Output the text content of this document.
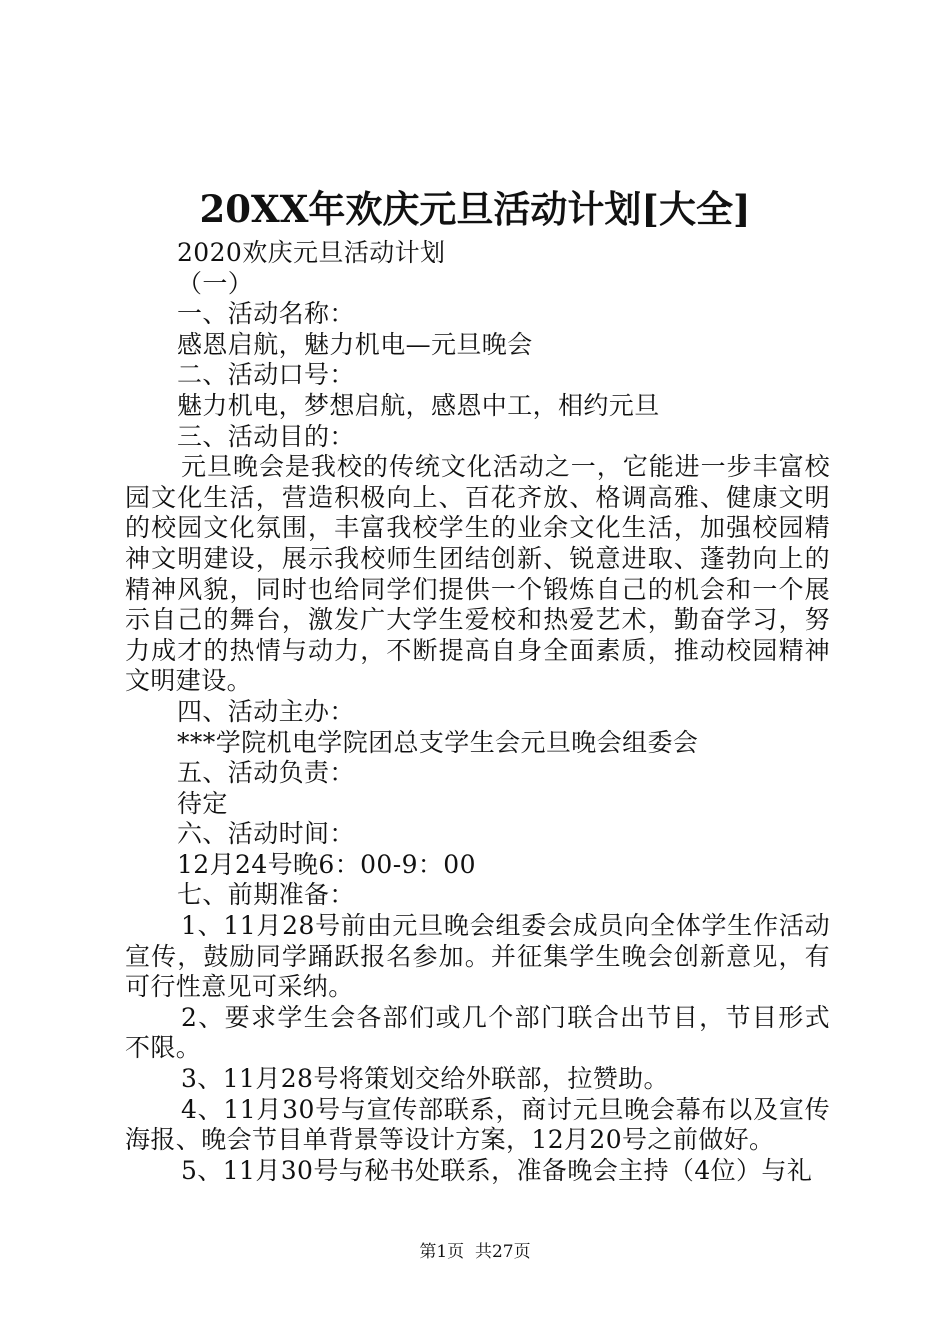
20XX年欢庆元旦活动计划[大全]

2020欢庆元旦活动计划

（一）

一、活动名称：

感恩启航，魅力机电—元旦晚会

二、活动口号：

魅力机电，梦想启航，感恩中工，相约元旦

三、活动目的：

元旦晚会是我校的传统文化活动之一，它能进一步丰富校园文化生活，营造积极向上、百花齐放、格调高雅、健康文明的校园文化氛围，丰富我校学生的业余文化生活，加强校园精神文明建设，展示我校师生团结创新、锐意进取、蓬勃向上的精神风貌，同时也给同学们提供一个锻炼自己的机会和一个展示自己的舞台，激发广大学生爱校和热爱艺术，勤奋学习，努力成才的热情与动力，不断提高自身全面素质，推动校园精神文明建设。

四、活动主办：

***学院机电学院团总支学生会元旦晚会组委会

五、活动负责：

待定

六、活动时间：

12月24号晚6：00-9：00

七、前期准备：

1、11月28号前由元旦晚会组委会成员向全体学生作活动宣传，鼓励同学踊跃报名参加。并征集学生晚会创新意见，有可行性意见可采纳。

2、要求学生会各部们或几个部门联合出节目，节目形式不限。

3、11月28号将策划交给外联部，拉赞助。

4、11月30号与宣传部联系，商讨元旦晚会幕布以及宣传海报、晚会节目单背景等设计方案，12月20号之前做好。

5、11月30号与秘书处联系，准备晚会主持（4位）与礼

第1页  共27页
